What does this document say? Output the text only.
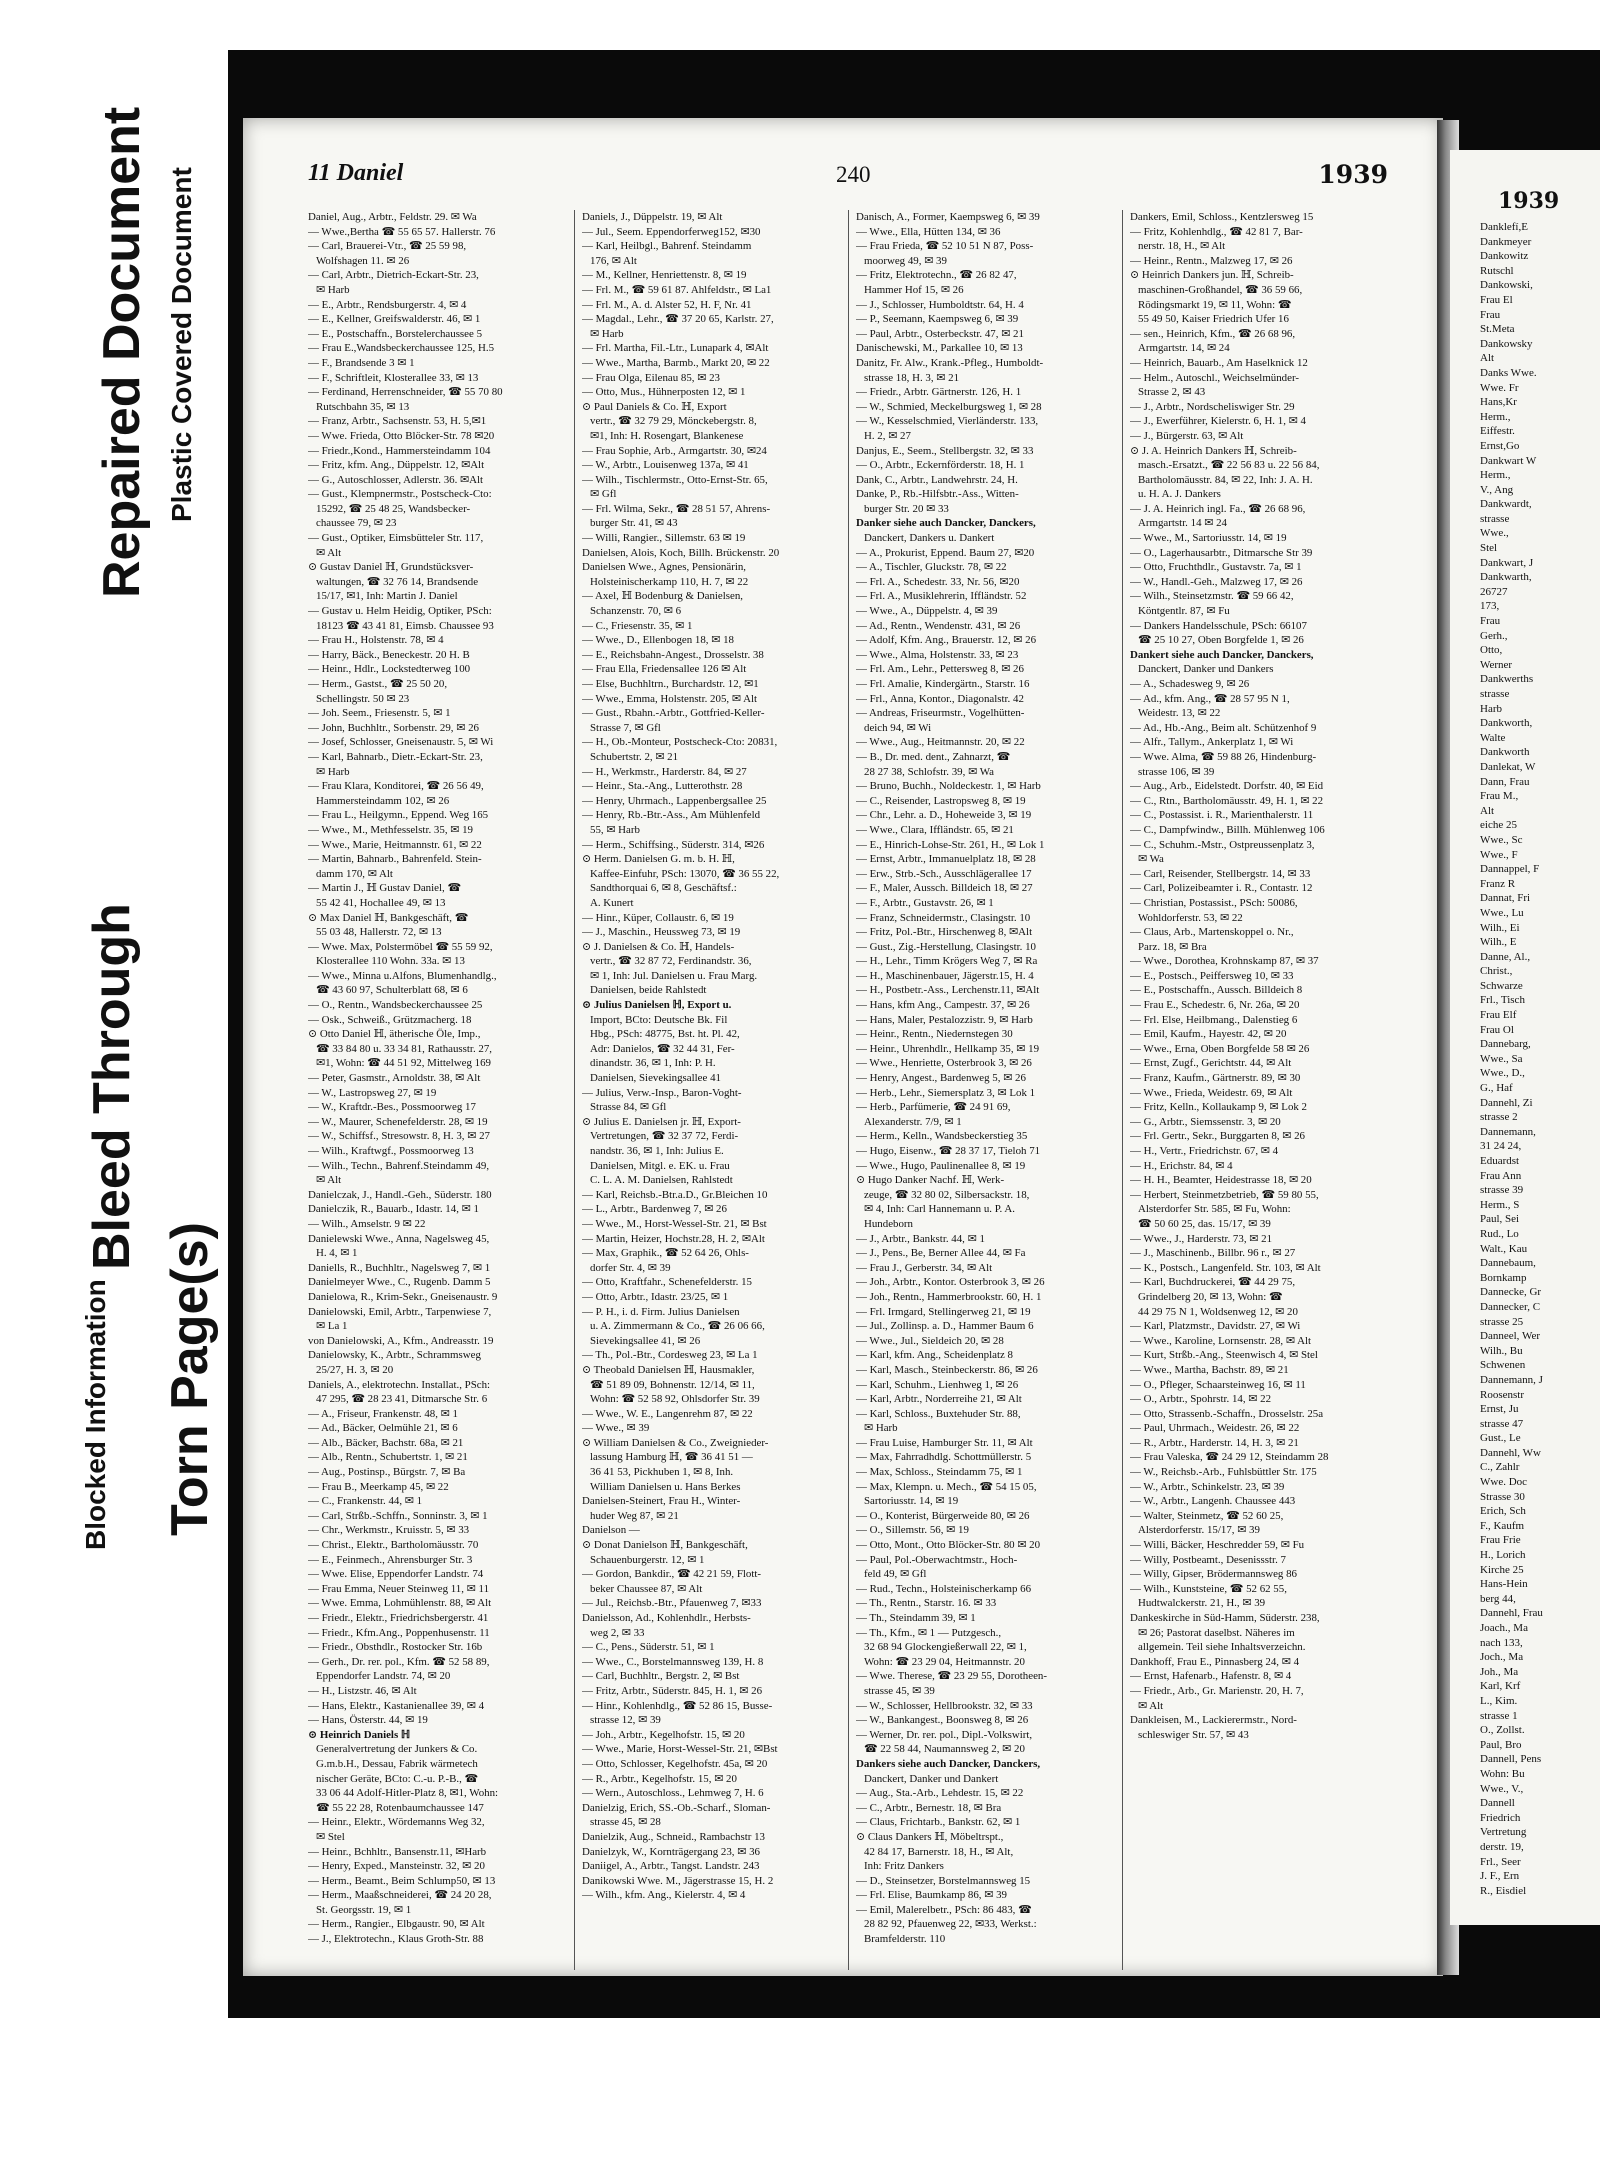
Repaired Document Plastic Covered Document
Bleed Through
Blocked Information Torn Page(s)
11 Daniel	240	1939

Daniel, Aug., Arbtr., Feldstr. 29. ✉ Wa

— Wwe.,Bertha ☎ 55 65 57. Hallerstr. 76

— Carl, Brauerei-Vtr., ☎ 25 59 98,

Wolfshagen 11. ✉ 26

— Carl, Arbtr., Dietrich-Eckart-Str. 23,

✉ Harb

— E., Arbtr., Rendsburgerstr. 4, ✉ 4

— E., Kellner, Greifswalderstr. 46, ✉ 1

— E., Postschaffn., Borstelerchaussee 5

— Frau E.,Wandsbeckerchaussee 125, H.5

— F., Brandsende 3 ✉ 1

— F., Schriftleit, Klosterallee 33, ✉ 13

— Ferdinand, Herrenschneider, ☎ 55 70 80

Rutschbahn 35, ✉ 13

— Franz, Arbtr., Sachsenstr. 53, H. 5,✉1

— Wwe. Frieda, Otto Blöcker-Str. 78 ✉20

— Friedr.,Kond., Hammersteindamm 104

— Fritz, kfm. Ang., Düppelstr. 12, ✉Alt

— G., Autoschlosser, Adlerstr. 36. ✉Alt

— Gust., Klempnermstr., Postscheck-Cto:

15292, ☎ 25 48 25, Wandsbecker-

chaussee 79, ✉ 23

— Gust., Optiker, Eimsbütteler Str. 117,

✉ Alt

⊙ Gustav Daniel ℍ, Grundstücksver-

waltungen, ☎ 32 76 14, Brandsende

15/17, ✉1, Inh: Martin J. Daniel

— Gustav u. Helm Heidig, Optiker, PSch:

18123 ☎ 43 41 81, Eimsb. Chaussee 93

— Frau H., Holstenstr. 78, ✉ 4

— Harry, Bäck., Beneckestr. 20 H. B

— Heinr., Hdlr., Lockstedterweg 100

— Herm., Gastst., ☎ 25 50 20,

Schellingstr. 50 ✉ 23

— Joh. Seem., Friesenstr. 5, ✉ 1

— John, Buchhltr., Sorbenstr. 29, ✉ 26

— Josef, Schlosser, Gneisenaustr. 5, ✉ Wi

— Karl, Bahnarb., Dietr.-Eckart-Str. 23,

✉ Harb

— Frau Klara, Konditorei, ☎ 26 56 49,

Hammersteindamm 102, ✉ 26

— Frau L., Heilgymn., Eppend. Weg 165

— Wwe., M., Methfesselstr. 35, ✉ 19

— Wwe., Marie, Heitmannstr. 61, ✉ 22

— Martin, Bahnarb., Bahrenfeld. Stein-

damm 170, ✉ Alt

— Martin J., ℍ Gustav Daniel, ☎

55 42 41, Hochallee 49, ✉ 13

⊙ Max Daniel ℍ, Bankgeschäft, ☎

55 03 48, Hallerstr. 72, ✉ 13

— Wwe. Max, Polstermöbel ☎ 55 59 92,

Klosterallee 110 Wohn. 33a. ✉ 13

— Wwe., Minna u.Alfons, Blumenhandlg.,

☎ 43 60 97, Schulterblatt 68, ✉ 6

— O., Rentn., Wandsbeckerchaussee 25

— Osk., Schweiß., Grützmacherg. 18

⊙ Otto Daniel ℍ, ätherische Öle, Imp.,

☎ 33 84 80 u. 33 34 81, Rathausstr. 27,

✉1, Wohn: ☎ 44 51 92, Mittelweg 169

— Peter, Gasmstr., Arnoldstr. 38, ✉ Alt

— W., Lastropsweg 27, ✉ 19

— W., Kraftdr.-Bes., Possmoorweg 17

— W., Maurer, Schenefelderstr. 28, ✉ 19

— W., Schiffsf., Stresowstr. 8, H. 3, ✉ 27

— Wilh., Kraftwgf., Possmoorweg 13

— Wilh., Techn., Bahrenf.Steindamm 49,

✉ Alt

Danielczak, J., Handl.-Geh., Süderstr. 180

Danielczik, R., Bauarb., Idastr. 14, ✉ 1

— Wilh., Amselstr. 9 ✉ 22

Danielewski Wwe., Anna, Nagelsweg 45,

H. 4, ✉ 1

Daniells, R., Buchhltr., Nagelsweg 7, ✉ 1

Danielmeyer Wwe., C., Rugenb. Damm 5

Danielowa, R., Krim-Sekr., Gneisenaustr. 9

Danielowski, Emil, Arbtr., Tarpenwiese 7,

✉ La 1

von Danielowski, A., Kfm., Andreasstr. 19

Danielowsky, K., Arbtr., Schrammsweg

25/27, H. 3, ✉ 20

Daniels, A., elektrotechn. Installat., PSch:

47 295, ☎ 28 23 41, Ditmarsche Str. 6

— A., Friseur, Frankenstr. 48, ✉ 1

— Ad., Bäcker, Oelmühle 21, ✉ 6

— Alb., Bäcker, Bachstr. 68a, ✉ 21

— Alb., Rentn., Schubertstr. 1, ✉ 21

— Aug., Postinsp., Bürgstr. 7, ✉ Ba

— Frau B., Meerkamp 45, ✉ 22

— C., Frankenstr. 44, ✉ 1

— Carl, Strßb.-Schffn., Sonninstr. 3, ✉ 1

— Chr., Werkmstr., Kruisstr. 5, ✉ 33

— Christ., Elektr., Bartholomäusstr. 70

— E., Feinmech., Ahrensburger Str. 3

— Wwe. Elise, Eppendorfer Landstr. 74

— Frau Emma, Neuer Steinweg 11, ✉ 11

— Wwe. Emma, Lohmühlenstr. 88, ✉ Alt

— Friedr., Elektr., Friedrichsbergerstr. 41

— Friedr., Kfm.Ang., Poppenhusenstr. 11

— Friedr., Obsthdlr., Rostocker Str. 16b

— Gerh., Dr. rer. pol., Kfm. ☎ 52 58 89,

Eppendorfer Landstr. 74, ✉ 20

— H., Listzstr. 46, ✉ Alt

— Hans, Elektr., Kastanienallee 39, ✉ 4

— Hans, Österstr. 44, ✉ 19

⊙ Heinrich Daniels ℍ

Generalvertretung der Junkers & Co.

G.m.b.H., Dessau, Fabrik wärmetech

nischer Geräte, BCto: C.-u. P.-B., ☎

33 06 44 Adolf-Hitler-Platz 8, ✉1, Wohn:

☎ 55 22 28, Rotenbaumchaussee 147

— Heinr., Elektr., Wördemanns Weg 32,

✉ Stel

— Heinr., Bchhltr., Bansenstr.11, ✉Harb

— Henry, Exped., Mansteinstr. 32, ✉ 20

— Herm., Beamt., Beim Schlump50, ✉ 13

— Herm., Maaßschneiderei, ☎ 24 20 28,

St. Georgsstr. 19, ✉ 1

— Herm., Rangier., Elbgaustr. 90, ✉ Alt

— J., Elektrotechn., Klaus Groth-Str. 88

Daniels, J., Düppelstr. 19, ✉ Alt

— Jul., Seem. Eppendorferweg152, ✉30

— Karl, Heilbgl., Bahrenf. Steindamm

176, ✉ Alt

— M., Kellner, Henriettenstr. 8, ✉ 19

— Frl. M., ☎ 59 61 87. Ahlfeldstr., ✉ La1

— Frl. M., A. d. Alster 52, H. F, Nr. 41

— Magdal., Lehr., ☎ 37 20 65, Karlstr. 27,

✉ Harb

— Frl. Martha, Fil.-Ltr., Lunapark 4, ✉Alt

— Wwe., Martha, Barmb., Markt 20, ✉ 22

— Frau Olga, Eilenau 85, ✉ 23

— Otto, Mus., Hühnerposten 12, ✉ 1

⊙ Paul Daniels & Co. ℍ, Export

vertr., ☎ 32 79 29, Mönckebergstr. 8,

✉1, Inh: H. Rosengart, Blankenese

— Frau Sophie, Arb., Armgartstr. 30, ✉24

— W., Arbtr., Louisenweg 137a, ✉ 41

— Wilh., Tischlermstr., Otto-Ernst-Str. 65,

✉ Gfl

— Frl. Wilma, Sekr., ☎ 28 51 57, Ahrens-

burger Str. 41, ✉ 43

— Willi, Rangier., Sillemstr. 63 ✉ 19

Danielsen, Alois, Koch, Billh. Brückenstr. 20

Danielsen Wwe., Agnes, Pensionärin,

Holsteinischerkamp 110, H. 7, ✉ 22

— Axel, ℍ Bodenburg & Danielsen,

Schanzenstr. 70, ✉ 6

— C., Friesenstr. 35, ✉ 1

— Wwe., D., Ellenbogen 18, ✉ 18

— E., Reichsbahn-Angest., Drosselstr. 38

— Frau Ella, Friedensallee 126 ✉ Alt

— Else, Buchhltrn., Burchardstr. 12, ✉1

— Wwe., Emma, Holstenstr. 205, ✉ Alt

— Gust., Rbahn.-Arbtr., Gottfried-Keller-

Strasse 7, ✉ Gfl

— H., Ob.-Monteur, Postscheck-Cto: 20831,

Schubertstr. 2, ✉ 21

— H., Werkmstr., Harderstr. 84, ✉ 27

— Heinr., Sta.-Ang., Lutterothstr. 28

— Henry, Uhrmach., Lappenbergsallee 25

— Henry, Rb.-Btr.-Ass., Am Mühlenfeld

55, ✉ Harb

— Herm., Schiffsing., Süderstr. 314, ✉26

⊙ Herm. Danielsen G. m. b. H. ℍ,

Kaffee-Einfuhr, PSch: 13070, ☎ 36 55 22,

Sandthorquai 6, ✉ 8, Geschäftsf.:

A. Kunert

— Hinr., Küper, Collaustr. 6, ✉ 19

— J., Maschin., Heussweg 73, ✉ 19

⊙ J. Danielsen & Co. ℍ, Handels-

vertr., ☎ 32 87 72, Ferdinandstr. 36,

✉ 1, Inh: Jul. Danielsen u. Frau Marg.

Danielsen, beide Rahlstedt

⊙ Julius Danielsen ℍ, Export u.

Import, BCto: Deutsche Bk. Fil

Hbg., PSch: 48775, Bst. ht. Pl. 42,

Adr: Danielos, ☎ 32 44 31, Fer-

dinandstr. 36, ✉ 1, Inh: P. H.

Danielsen, Sievekingsallee 41

— Julius, Verw.-Insp., Baron-Voght-

Strasse 84, ✉ Gfl

⊙ Julius E. Danielsen jr. ℍ, Export-

Vertretungen, ☎ 32 37 72, Ferdi-

nandstr. 36, ✉ 1, Inh: Julius E.

Danielsen, Mitgl. e. EK. u. Frau

C. L. A. M. Danielsen, Rahlstedt

— Karl, Reichsb.-Btr.a.D., Gr.Bleichen 10

— L., Arbtr., Bardenweg 7, ✉ 26

— Wwe., M., Horst-Wessel-Str. 21, ✉ Bst

— Martin, Heizer, Hochstr.28, H. 2, ✉Alt

— Max, Graphik., ☎ 52 64 26, Ohls-

dorfer Str. 4, ✉ 39

— Otto, Kraftfahr., Schenefelderstr. 15

— Otto, Arbtr., Idastr. 23/25, ✉ 1

— P. H., i. d. Firm. Julius Danielsen

u. A. Zimmermann & Co., ☎ 26 06 66,

Sievekingsallee 41, ✉ 26

— Th., Pol.-Btr., Cordesweg 23, ✉ La 1

⊙ Theobald Danielsen ℍ, Hausmakler,

☎ 51 89 09, Bohnenstr. 12/14, ✉ 11,

Wohn: ☎ 52 58 92, Ohlsdorfer Str. 39

— Wwe., W. E., Langenrehm 87, ✉ 22

— Wwe., ✉ 39

⊙ William Danielsen & Co., Zweignieder-

lassung Hamburg ℍ, ☎ 36 41 51 —

36 41 53, Pickhuben 1, ✉ 8, Inh.

William Danielsen u. Hans Berkes

Danielsen-Steinert, Frau H., Winter-

huder Weg 87, ✉ 21

Danielson —

⊙ Donat Danielson ℍ, Bankgeschäft,

Schauenburgerstr. 12, ✉ 1

— Gordon, Bankdir., ☎ 42 21 59, Flott-

beker Chaussee 87, ✉ Alt

— Jul., Reichsb.-Btr., Pfauenweg 7, ✉33

Danielsson, Ad., Kohlenhdlr., Herbsts-

weg 2, ✉ 33

— C., Pens., Süderstr. 51, ✉ 1

— Wwe., C., Borstelmannsweg 139, H. 8

— Carl, Buchhltr., Bergstr. 2, ✉ Bst

— Fritz, Arbtr., Süderstr. 845, H. 1, ✉ 26

— Hinr., Kohlenhdlg., ☎ 52 86 15, Busse-

strasse 12, ✉ 39

— Joh., Arbtr., Kegelhofstr. 15, ✉ 20

— Wwe., Marie, Horst-Wessel-Str. 21, ✉Bst

— Otto, Schlosser, Kegelhofstr. 45a, ✉ 20

— R., Arbtr., Kegelhofstr. 15, ✉ 20

— Wern., Autoschloss., Lehmweg 7, H. 6

Danielzig, Erich, SS.-Ob.-Scharf., Sloman-

strasse 45, ✉ 28

Danielzik, Aug., Schneid., Rambachstr 13

Danielzyk, W., Kornträgergang 23, ✉ 36

Daniigel, A., Arbtr., Tangst. Landstr. 243

Danikowski Wwe. M., Jägerstrasse 15, H. 2

— Wilh., kfm. Ang., Kielerstr. 4, ✉ 4

Danisch, A., Former, Kaempsweg 6, ✉ 39

— Wwe., Ella, Hütten 134, ✉ 36

— Frau Frieda, ☎ 52 10 51 N 87, Poss-

moorweg 49, ✉ 39

— Fritz, Elektrotechn., ☎ 26 82 47,

Hammer Hof 15, ✉ 26

— J., Schlosser, Humboldtstr. 64, H. 4

— P., Seemann, Kaempsweg 6, ✉ 39

— Paul, Arbtr., Osterbeckstr. 47, ✉ 21

Danischewski, M., Parkallee 10, ✉ 13

Danitz, Fr. Alw., Krank.-Pfleg., Humboldt-

strasse 18, H. 3, ✉ 21

— Friedr., Arbtr. Gärtnerstr. 126, H. 1

— W., Schmied, Meckelburgsweg 1, ✉ 28

— W., Kesselschmied, Vierländerstr. 133,

H. 2, ✉ 27

Danjus, E., Seem., Stellbergstr. 32, ✉ 33

— O., Arbtr., Eckernförderstr. 18, H. 1

Dank, C., Arbtr., Landwehrstr. 24, H.

Danke, P., Rb.-Hilfsbtr.-Ass., Witten-

burger Str. 20 ✉ 33

Danker siehe auch Dancker, Danckers,

Danckert, Dankers u. Dankert

— A., Prokurist, Eppend. Baum 27, ✉20

— A., Tischler, Gluckstr. 78, ✉ 22

— Frl. A., Schedestr. 33, Nr. 56, ✉20

— Frl. A., Musiklehrerin, Iffländstr. 52

— Wwe., A., Düppelstr. 4, ✉ 39

— Ad., Rentn., Wendenstr. 431, ✉ 26

— Adolf, Kfm. Ang., Brauerstr. 12, ✉ 26

— Wwe., Alma, Holstenstr. 33, ✉ 23

— Frl. Am., Lehr., Pettersweg 8, ✉ 26

— Frl. Amalie, Kindergärtn., Starstr. 16

— Frl., Anna, Kontor., Diagonalstr. 42

— Andreas, Friseurmstr., Vogelhütten-

deich 94, ✉ Wi

— Wwe., Aug., Heitmannstr. 20, ✉ 22

— B., Dr. med. dent., Zahnarzt, ☎

28 27 38, Schlofstr. 39, ✉ Wa

— Bruno, Buchh., Noldeckestr. 1, ✉ Harb

— C., Reisender, Lastropsweg 8, ✉ 19

— Chr., Lehr. a. D., Hoheweide 3, ✉ 19

— Wwe., Clara, Iffländstr. 65, ✉ 21

— E., Hinrich-Lohse-Str. 261, H., ✉ Lok 1

— Ernst, Arbtr., Immanuelplatz 18, ✉ 28

— Erw., Strb.-Sch., Ausschlägerallee 17

— F., Maler, Aussch. Billdeich 18, ✉ 27

— F., Arbtr., Gustavstr. 26, ✉ 1

— Franz, Schneidermstr., Clasingstr. 10

— Fritz, Pol.-Btr., Hirschenweg 8, ✉Alt

— Gust., Zig.-Herstellung, Clasingstr. 10

— H., Lehr., Timm Krögers Weg 7, ✉ Ra

— H., Maschinenbauer, Jägerstr.15, H. 4

— H., Postbetr.-Ass., Lerchenstr.11, ✉Alt

— Hans, kfm Ang., Campestr. 37, ✉ 26

— Hans, Maler, Pestalozzistr. 9, ✉ Harb

— Heinr., Rentn., Niedernstegen 30

— Heinr., Uhrenhdlr., Hellkamp 35, ✉ 19

— Wwe., Henriette, Osterbrook 3, ✉ 26

— Henry, Angest., Bardenweg 5, ✉ 26

— Herb., Lehr., Siemersplatz 3, ✉ Lok 1

— Herb., Parfümerie, ☎ 24 91 69,

Alexanderstr. 7/9, ✉ 1

— Herm., Kelln., Wandsbeckerstieg 35

— Hugo, Eisenw., ☎ 28 37 17, Tieloh 71

— Wwe., Hugo, Paulinenallee 8, ✉ 19

⊙ Hugo Danker Nachf. ℍ, Werk-

zeuge, ☎ 32 80 02, Silbersackstr. 18,

✉ 4, Inh: Carl Hannemann u. P. A.

Hundeborn

— J., Arbtr., Bankstr. 44, ✉ 1

— J., Pens., Be, Berner Allee 44, ✉ Fa

— Frau J., Gerberstr. 34, ✉ Alt

— Joh., Arbtr., Kontor. Osterbrook 3, ✉ 26

— Joh., Rentn., Hammerbrookstr. 60, H. 1

— Frl. Irmgard, Stellingerweg 21, ✉ 19

— Jul., Zollinsp. a. D., Hammer Baum 6

— Wwe., Jul., Sieldeich 20, ✉ 28

— Karl, kfm. Ang., Scheidenplatz 8

— Karl, Masch., Steinbeckerstr. 86, ✉ 26

— Karl, Schuhm., Lienhweg 1, ✉ 26

— Karl, Arbtr., Norderreihe 21, ✉ Alt

— Karl, Schloss., Buxtehuder Str. 88,

✉ Harb

— Frau Luise, Hamburger Str. 11, ✉ Alt

— Max, Fahrradhdlg. Schottmüllerstr. 5

— Max, Schloss., Steindamm 75, ✉ 1

— Max, Klempn. u. Mech., ☎ 54 15 05,

Sartoriusstr. 14, ✉ 19

— O., Konterist, Bürgerweide 80, ✉ 26

— O., Sillemstr. 56, ✉ 19

— Otto, Mont., Otto Blöcker-Str. 80 ✉ 20

— Paul, Pol.-Oberwachtmstr., Hoch-

feld 49, ✉ Gfl

— Rud., Techn., Holsteinischerkamp 66

— Th., Rentn., Starstr. 16. ✉ 33

— Th., Steindamm 39, ✉ 1

— Th., Kfm., ✉ 1 — Putzgesch.,

32 68 94 Glockengießerwall 22, ✉ 1,

Wohn: ☎ 23 29 04, Heitmannstr. 20

— Wwe. Therese, ☎ 23 29 55, Dorotheen-

strasse 45, ✉ 39

— W., Schlosser, Hellbrookstr. 32, ✉ 33

— W., Bankangest., Boonsweg 8, ✉ 26

— Werner, Dr. rer. pol., Dipl.-Volkswirt,

☎ 22 58 44, Naumannsweg 2, ✉ 20

Dankers siehe auch Dancker, Danckers,

Danckert, Danker und Dankert

— Aug., Sta.-Arb., Lehdestr. 15, ✉ 22

— C., Arbtr., Bernestr. 18, ✉ Bra

— Claus, Frichtarb., Bankstr. 62, ✉ 1

⊙ Claus Dankers ℍ, Möbeltrspt.,

42 84 17, Barnerstr. 18, H., ✉ Alt,

Inh: Fritz Dankers

— D., Steinsetzer, Borstelmannsweg 15

— Frl. Elise, Baumkamp 86, ✉ 39

— Emil, Malerelbetr., PSch: 86 483, ☎

28 82 92, Pfauenweg 22, ✉33, Werkst.:

Bramfelderstr. 110

Dankers, Emil, Schloss., Kentzlersweg 15

— Fritz, Kohlenhdlg., ☎ 42 81 7, Bar-

nerstr. 18, H., ✉ Alt

— Heinr., Rentn., Malzweg 17, ✉ 26

⊙ Heinrich Dankers jun. ℍ, Schreib-

maschinen-Großhandel, ☎ 36 59 66,

Rödingsmarkt 19, ✉ 11, Wohn: ☎

55 49 50, Kaiser Friedrich Ufer 16

— sen., Heinrich, Kfm., ☎ 26 68 96,

Armgartstr. 14, ✉ 24

— Heinrich, Bauarb., Am Haselknick 12

— Helm., Autoschl., Weichselmünder-

Strasse 2, ✉ 43

— J., Arbtr., Nordscheliswiger Str. 29

— J., Ewerführer, Kielerstr. 6, H. 1, ✉ 4

— J., Bürgerstr. 63, ✉ Alt

⊙ J. A. Heinrich Dankers ℍ, Schreib-

masch.-Ersatzt., ☎ 22 56 83 u. 22 56 84,

Bartholomäusstr. 84, ✉ 22, Inh: J. A. H.

u. H. A. J. Dankers

— J. A. Heinrich ingl. Fa., ☎ 26 68 96,

Armgartstr. 14 ✉ 24

— Wwe., M., Sartoriusstr. 14, ✉ 19

— O., Lagerhausarbtr., Ditmarsche Str 39

— Otto, Fruchthdlr., Gustavstr. 7a, ✉ 1

— W., Handl.-Geh., Malzweg 17, ✉ 26

— Wilh., Steinsetzmstr. ☎ 59 66 42,

Köntgentlr. 87, ✉ Fu

— Dankers Handelsschule, PSch: 66107

☎ 25 10 27, Oben Borgfelde 1, ✉ 26

Dankert siehe auch Dancker, Danckers,

Danckert, Danker und Dankers

— A., Schadesweg 9, ✉ 26

— Ad., kfm. Ang., ☎ 28 57 95 N 1,

Weidestr. 13, ✉ 22

— Ad., Hb.-Ang., Beim alt. Schützenhof 9

— Alfr., Tallym., Ankerplatz 1, ✉ Wi

— Wwe. Alma, ☎ 59 88 26, Hindenburg-

strasse 106, ✉ 39

— Aug., Arb., Eidelstedt. Dorfstr. 40, ✉ Eid

— C., Rtn., Bartholomäusstr. 49, H. 1, ✉ 22

— C., Postassist. i. R., Marienthalerstr. 11

— C., Dampfwindw., Billh. Mühlenweg 106

— C., Schuhm.-Mstr., Ostpreussenplatz 3,

✉ Wa

— Carl, Reisender, Stellbergstr. 14, ✉ 33

— Carl, Polizeibeamter i. R., Contastr. 12

— Christian, Postassist., PSch: 50086,

Wohldorferstr. 53, ✉ 22

— Claus, Arb., Martenskoppel o. Nr.,

Parz. 18, ✉ Bra

— Wwe., Dorothea, Krohnskamp 87, ✉ 37

— E., Postsch., Peiffersweg 10, ✉ 33

— E., Postschaffn., Aussch. Billdeich 8

— Frau E., Schedestr. 6, Nr. 26a, ✉ 20

— Frl. Else, Heilbmang., Dalenstieg 6

— Emil, Kaufm., Hayestr. 42, ✉ 20

— Wwe., Erna, Oben Borgfelde 58 ✉ 26

— Ernst, Zugf., Gerichtstr. 44, ✉ Alt

— Franz, Kaufm., Gärtnerstr. 89, ✉ 30

— Wwe., Frieda, Weidestr. 69, ✉ Alt

— Fritz, Kelln., Kollaukamp 9, ✉ Lok 2

— G., Arbtr., Siemssenstr. 3, ✉ 20

— Frl. Gertr., Sekr., Burggarten 8, ✉ 26

— H., Vertr., Friedrichstr. 67, ✉ 4

— H., Erichstr. 84, ✉ 4

— H. H., Beamter, Heidestrasse 18, ✉ 20

— Herbert, Steinmetzbetrieb, ☎ 59 80 55,

Alsterdorfer Str. 585, ✉ Fu, Wohn:

☎ 50 60 25, das. 15/17, ✉ 39

— Wwe., J., Harderstr. 73, ✉ 21

— J., Maschinenb., Billbr. 96 r., ✉ 27

— K., Postsch., Langenfeld. Str. 103, ✉ Alt

— Karl, Buchdruckerei, ☎ 44 29 75,

Grindelberg 20, ✉ 13, Wohn: ☎

44 29 75 N 1, Woldsenweg 12, ✉ 20

— Karl, Platzmstr., Davidstr. 27, ✉ Wi

— Wwe., Karoline, Lornsenstr. 28, ✉ Alt

— Kurt, Strßb.-Ang., Steenwisch 4, ✉ Stel

— Wwe., Martha, Bachstr. 89, ✉ 21

— O., Pfleger, Schaarsteinweg 16, ✉ 11

— O., Arbtr., Spohrstr. 14, ✉ 22

— Otto, Strassenb.-Schaffn., Drosselstr. 25a

— Paul, Uhrmach., Weidestr. 26, ✉ 22

— R., Arbtr., Harderstr. 14, H. 3, ✉ 21

— Frau Valeska, ☎ 24 29 12, Steindamm 28

— W., Reichsb.-Arb., Fuhlsbüttler Str. 175

— W., Arbtr., Schinkelstr. 23, ✉ 39

— W., Arbtr., Langenh. Chaussee 443

— Walter, Steinmetz, ☎ 52 60 25,

Alsterdorferstr. 15/17, ✉ 39

— Willi, Bäcker, Heschredder 59, ✉ Fu

— Willy, Postbeamt., Desenissstr. 7

— Willy, Gipser, Brödermannsweg 86

— Wilh., Kunststeine, ☎ 52 62 55,

Hudtwalckerstr. 21, H., ✉ 39

Dankeskirche in Süd-Hamm, Süderstr. 238,

✉ 26; Pastorat daselbst. Näheres im

allgemein. Teil siehe Inhaltsverzeichn.

Dankhoff, Frau E., Pinnasberg 24, ✉ 4

— Ernst, Hafenarb., Hafenstr. 8, ✉ 4

— Friedr., Arb., Gr. Marienstr. 20, H. 7,

✉ Alt

Dankleisen, M., Lackierermstr., Nord-

schleswiger Str. 57, ✉ 43

1939

Danklefí,E

Dankmeyer

Dankowitz

Rutschl

Dankowski,

Frau El

Frau

St.Meta

Dankowsky

Alt

Danks Wwe.

Wwe. Fr

Hans,Kr

Herm.,

Eiffestr.

Ernst,Go

Dankwart W

Herm.,

V., Ang

Dankwardt,

strasse

Wwe.,

Stel

Dankwart, J

Dankwarth,

26727

173,

Frau

Gerh.,

Otto,

Werner

Dankwerths

strasse

Harb

Dankworth,

Walte

Dankworth

Danlekat, W

Dann, Frau

Frau M.,

Alt

eiche 25

Wwe., Sc

Wwe., F

Dannappel, F

Franz R

Dannat, Fri

Wwe., Lu

Wilh., Ei

Wilh., E

Danne, Al.,

Christ.,

Schwarze

Frl., Tisch

Frau Elf

Frau Ol

Dannebarg,

Wwe., Sa

Wwe., D.,

G., Haf

Dannehl, Zi

strasse 2

Dannemann,

31 24 24,

Eduardst

Frau Ann

strasse 39

Herm., S

Paul, Sei

Rud., Lo

Walt., Kau

Dannebaum,

Bornkamp

Dannecke, Gr

Dannecker, C

strasse 25

Danneel, Wer

Wilh., Bu

Schwenen

Dannemann, J

Roosenstr

Ernst, Ju

strasse 47

Gust., Le

Dannehl, Ww

C., Zahlr

Wwe. Doc

Strasse 30

Erich, Sch

F., Kaufm

Frau Frie

H., Lorich

Kirche 25

Hans-Hein

berg 44,

Dannehl, Frau

Joach., Ma

nach 133,

Joch., Ma

Joh., Ma

Karl, Krf

L., Kim.

strasse 1

O., Zollst.

Paul, Bro

Dannell, Pens

Wohn: Bu

Wwe., V.,

Dannell

Friedrich

Vertretung

derstr. 19,

Frl., Seer

J. F., Ern

R., Eisdiel
